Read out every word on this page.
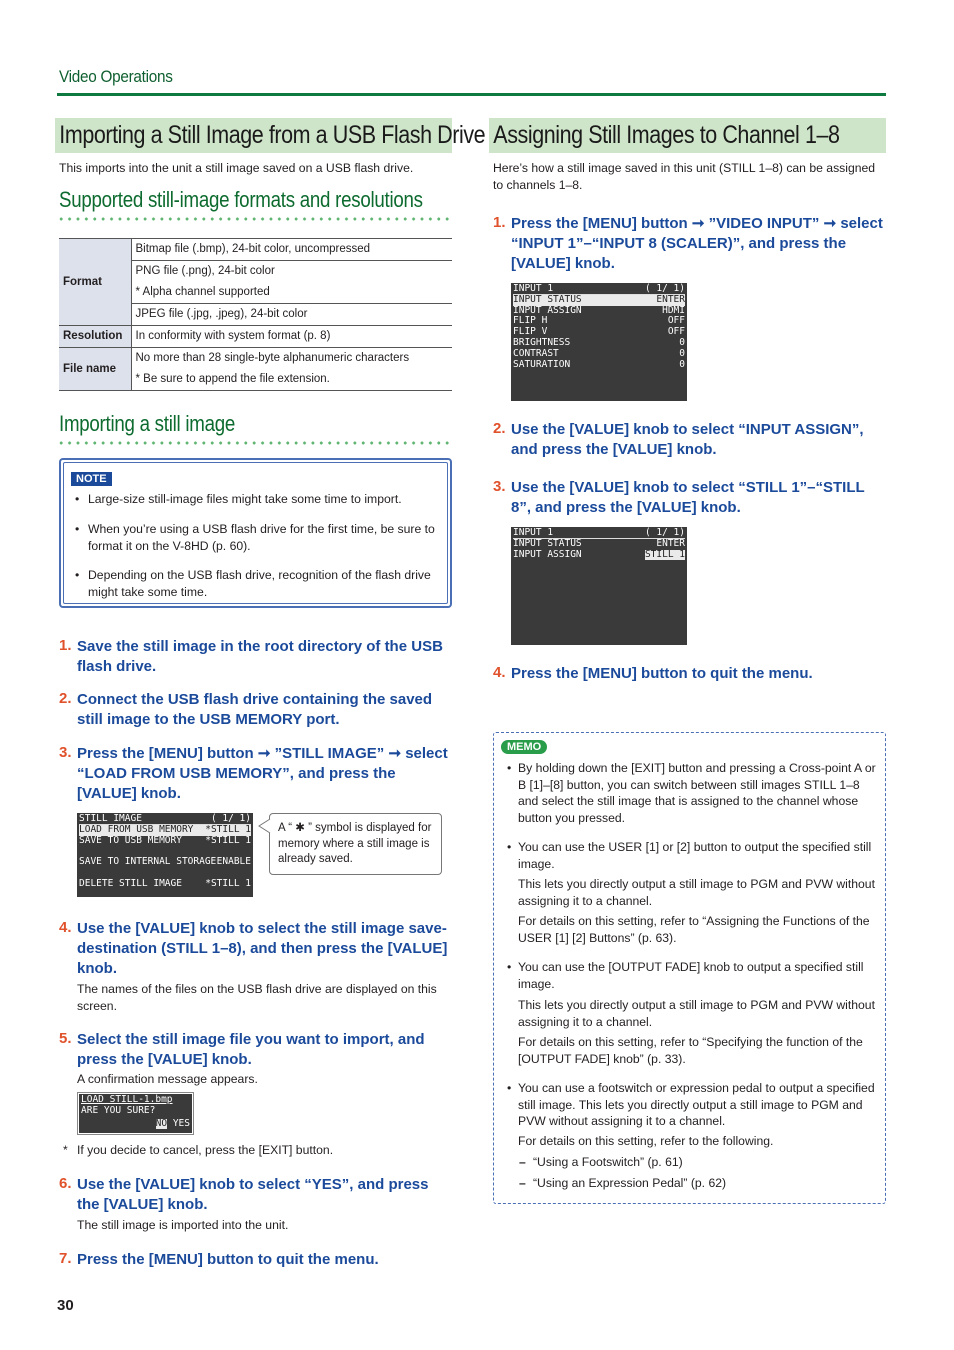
Video Operations
Importing a Still Image from a USB Flash Drive
This imports into the unit a still image saved on a USB flash drive.
Supported still-image formats and resolutions
Format	Bitmap file (.bmp), 24-bit color, uncompressed
	PNG file (.png), 24-bit color
	* Alpha channel supported
	JPEG file (.jpg, .jpeg), 24-bit color
Resolution	In conformity with system format (p. 8)
File name	No more than 28 single-byte alphanumeric characters
	* Be sure to append the file extension.
Importing a still image
NOTE
• Large-size still-image files might take some time to import.
• When you’re using a USB flash drive for the first time, be sure to format it on the V-8HD (p. 60).
• Depending on the USB flash drive, recognition of the flash drive might take some time.
1. Save the still image in the root directory of the USB flash drive.
2. Connect the USB flash drive containing the saved still image to the USB MEMORY port.
3. Press the [MENU] button ➞ ”STILL IMAGE” ➞ select “LOAD FROM USB MEMORY”, and press the [VALUE] knob.
STILL IMAGE	( 1/ 1)
LOAD FROM USB MEMORY *STILL 1
SAVE TO USB MEMORY *STILL 1
SAVE TO INTERNAL STORAGE ENABLE
DELETE STILL IMAGE *STILL 1
A “ ✱ ” symbol is displayed for memory where a still image is already saved.
4. Use the [VALUE] knob to select the still image save-destination (STILL 1–8), and then press the [VALUE] knob.
The names of the files on the USB flash drive are displayed on this screen.
5. Select the still image file you want to import, and press the [VALUE] knob.
A confirmation message appears.
LOAD STILL-1.bmp
ARE YOU SURE?
NO
YES
* If you decide to cancel, press the [EXIT] button.
6. Use the [VALUE] knob to select “YES”, and press the [VALUE] knob.
The still image is imported into the unit.
7. Press the [MENU] button to quit the menu.
30
Assigning Still Images to Channel 1–8
Here’s how a still image saved in this unit (STILL 1–8) can be assigned to channels 1–8.
1. Press the [MENU] button ➞ ”VIDEO INPUT” ➞ select “INPUT 1”–“INPUT 8 (SCALER)”, and press the [VALUE] knob.
INPUT 1	( 1/ 1)
INPUT STATUS	ENTER
INPUT ASSIGN	HDMI
FLIP H	OFF
FLIP V	OFF
BRIGHTNESS	0
CONTRAST	0
SATURATION	0
2. Use the [VALUE] knob to select “INPUT ASSIGN”, and press the [VALUE] knob.
3. Use the [VALUE] knob to select “STILL 1”–“STILL 8”, and press the [VALUE] knob.
INPUT 1	( 1/ 1)
INPUT STATUS	ENTER
INPUT ASSIGN	STILL 1
4. Press the [MENU] button to quit the menu.
MEMO
• By holding down the [EXIT] button and pressing a Cross-point A or B [1]–[8] button, you can switch between still images STILL 1–8 and select the still image that is assigned to the channel whose button you pressed.
• You can use the USER [1] or [2] button to output the specified still image.
This lets you directly output a still image to PGM and PVW without assigning it to a channel.
For details on this setting, refer to “Assigning the Functions of the USER [1] [2] Buttons” (p. 63).
• You can use the [OUTPUT FADE] knob to output a specified still image.
This lets you directly output a still image to PGM and PVW without assigning it to a channel.
For details on this setting, refer to “Specifying the function of the [OUTPUT FADE] knob” (p. 33).
• You can use a footswitch or expression pedal to output a specified still image. This lets you directly output a still image to PGM and PVW without assigning it to a channel.
For details on this setting, refer to the following.
– “Using a Footswitch” (p. 61)
– “Using an Expression Pedal” (p. 62)
